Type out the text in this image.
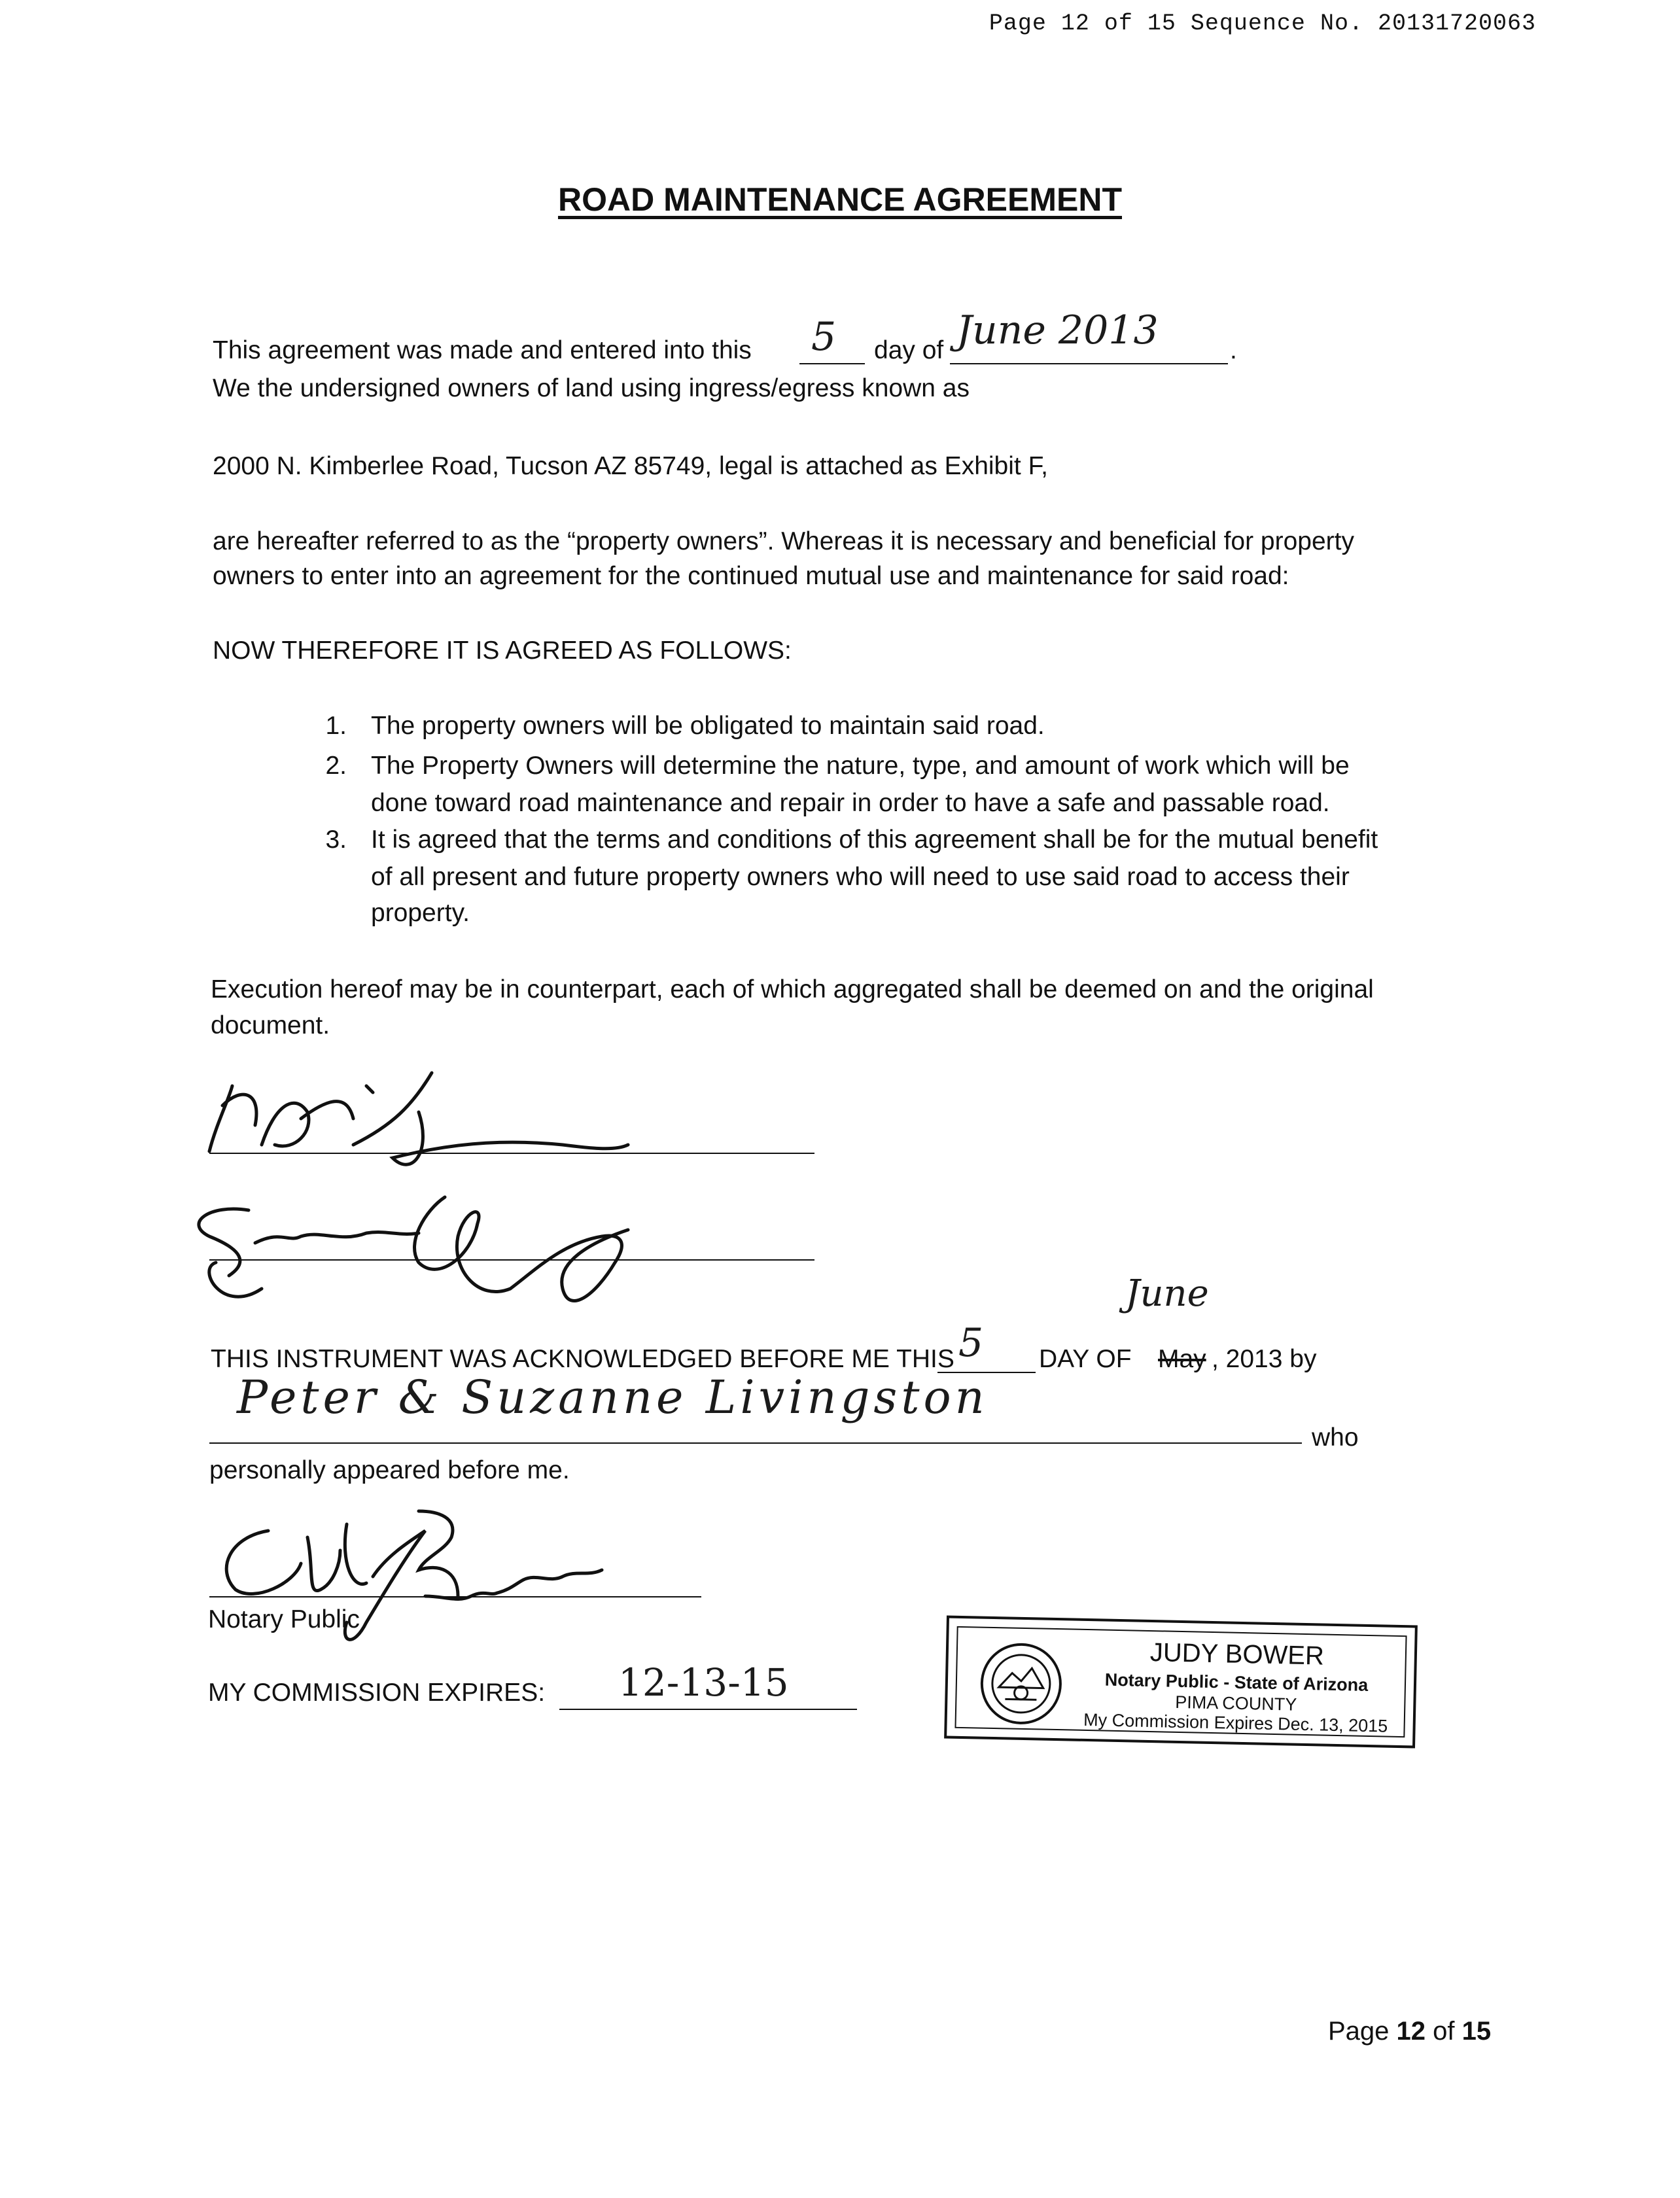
Page 12 of 15 Sequence No. 20131720063
ROAD MAINTENANCE AGREEMENT
This agreement was made and entered into this 5 day of June 2013	.
We the undersigned owners of land using ingress/egress known as
2000 N. Kimberlee Road, Tucson AZ 85749, legal is attached as Exhibit F,
are hereafter referred to as the “property owners”. Whereas it is necessary and beneficial for property
owners to enter into an agreement for the continued mutual use and maintenance for said road:
NOW THEREFORE IT IS AGREED AS FOLLOWS:
1. The property owners will be obligated to maintain said road.
2. The Property Owners will determine the nature, type, and amount of work which will be
done toward road maintenance and repair in order to have a safe and passable road.
3. It is agreed that the terms and conditions of this agreement shall be for the mutual benefit
of all present and future property owners who will need to use said road to access their
property.
Execution hereof may be in counterpart, each of which aggregated shall be deemed on and the original
document.
June
THIS INSTRUMENT WAS ACKNOWLEDGED BEFORE ME THIS 5 DAY OF May , 2013 by
Peter & Suzanne Livingston
who
personally appeared before me.
Notary Public
MY COMMISSION EXPIRES: 12-13-15
JUDY BOWER
Notary Public - State of Arizona
PIMA COUNTY
My Commission Expires Dec. 13, 2015
Page 12 of 15
